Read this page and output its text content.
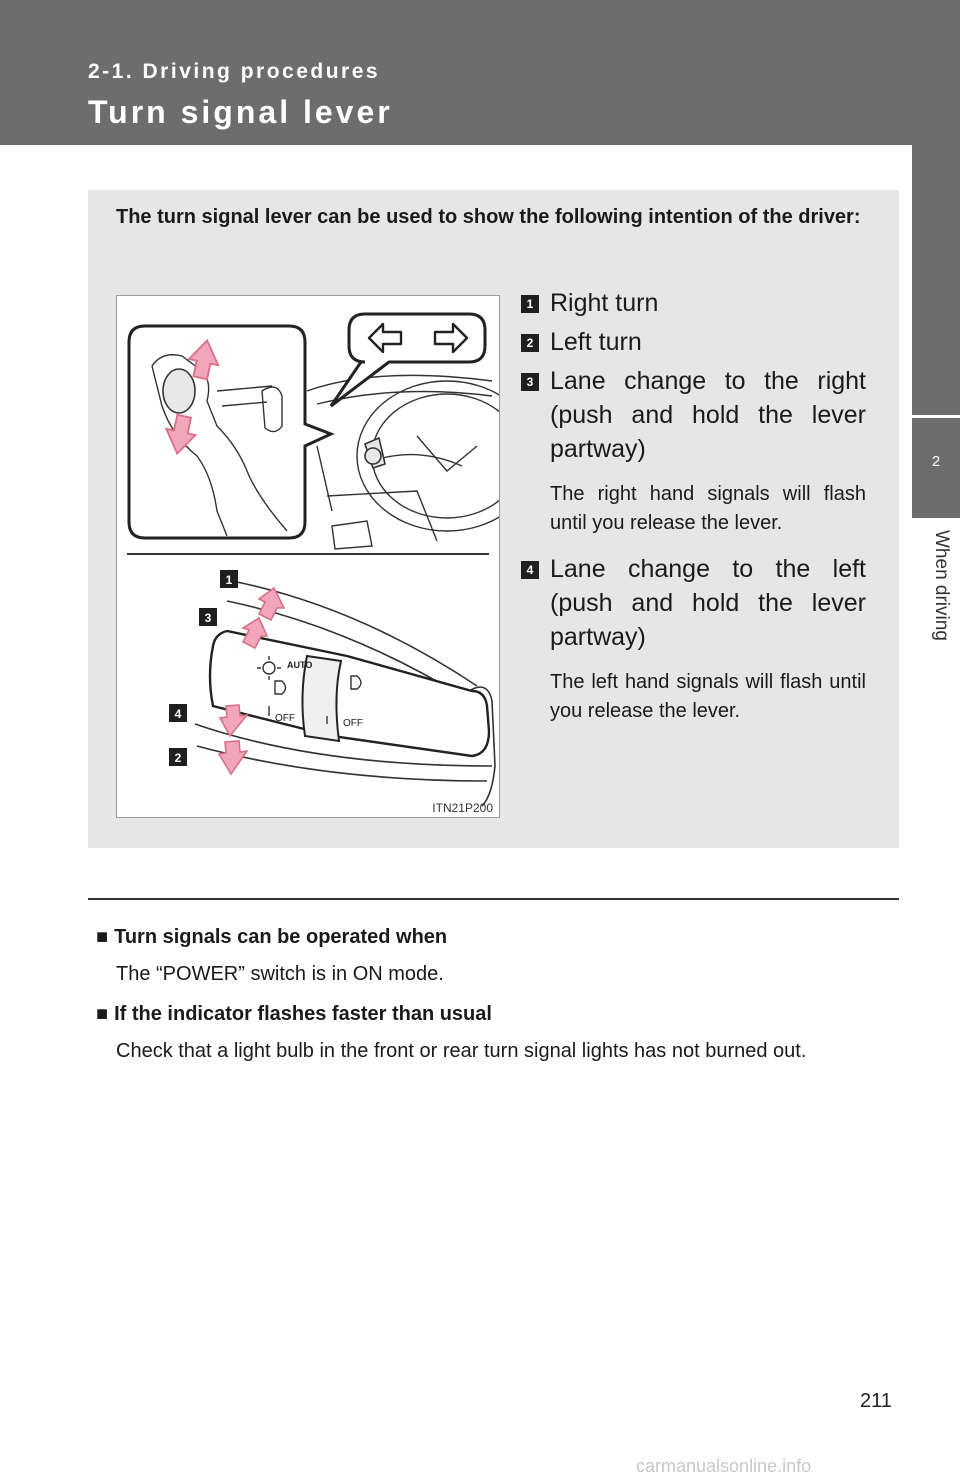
2-1. Driving procedures
Turn signal lever
2
When driving
The turn signal lever can be used to show the following intention of the driver:
AUTO
OFF	OFF
1
3
4
2
ITN21P200
1 Right turn
2 Left turn
3 Lane change to the right (push and hold the lever partway)
The right hand signals will flash until you release the lever.
4 Lane change to the left (push and hold the lever partway)
The left hand signals will flash until you release the lever.
■ Turn signals can be operated when
The “POWER” switch is in ON mode.
■ If the indicator flashes faster than usual
Check that a light bulb in the front or rear turn signal lights has not burned out.
211
carmanualsonline.info
